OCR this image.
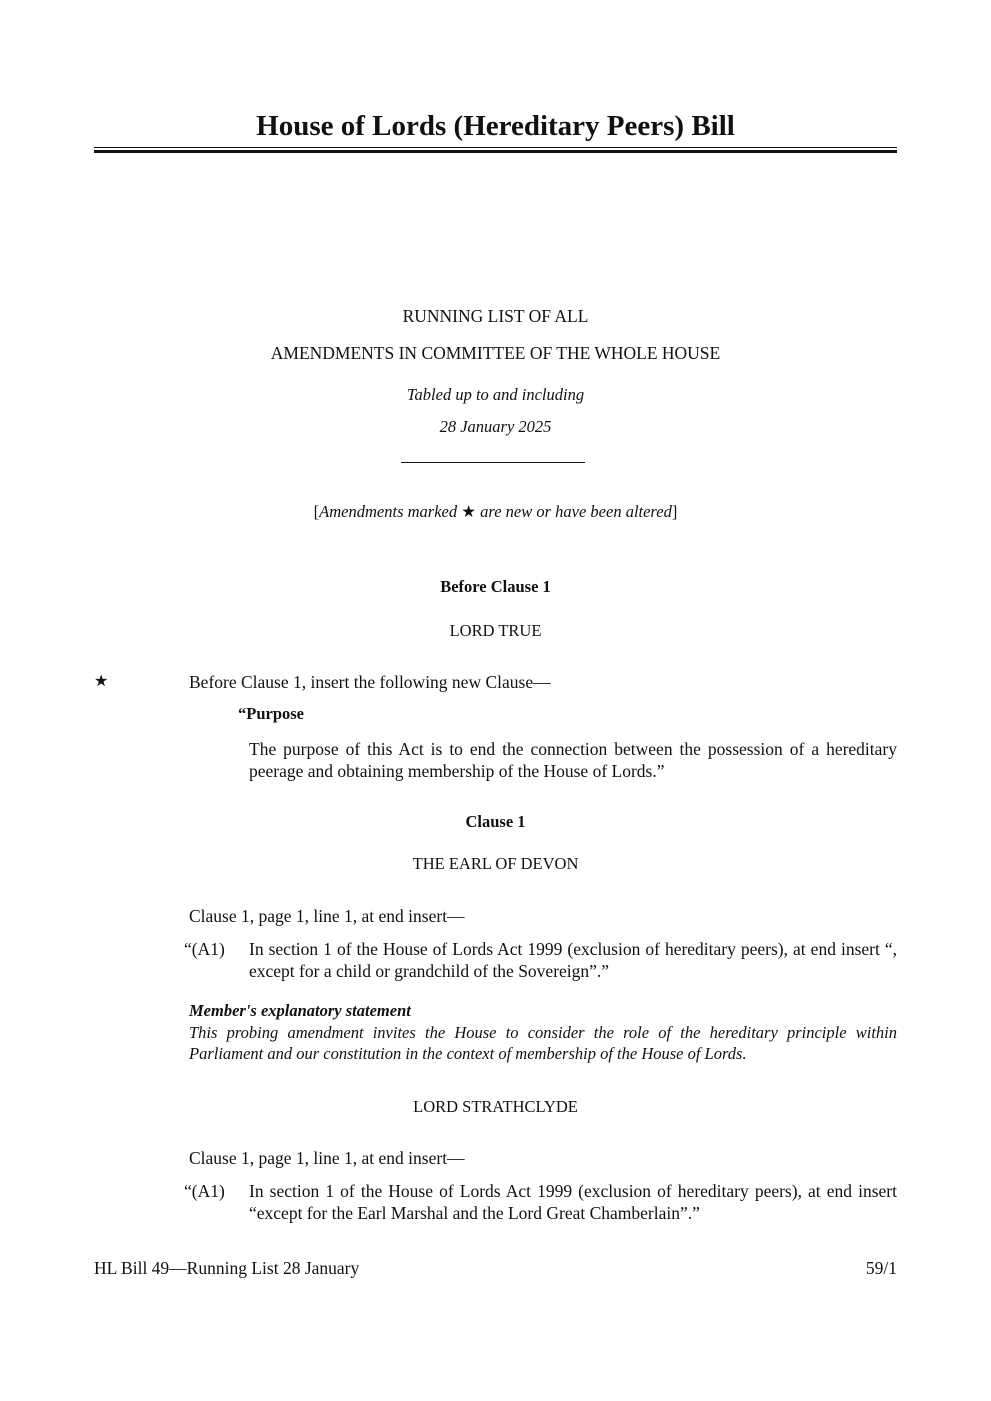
House of Lords (Hereditary Peers) Bill
RUNNING LIST OF ALL
AMENDMENTS IN COMMITTEE OF THE WHOLE HOUSE
Tabled up to and including
28 January 2025
[Amendments marked ★ are new or have been altered]
Before Clause 1
LORD TRUE
★	Before Clause 1, insert the following new Clause—
“Purpose
The purpose of this Act is to end the connection between the possession of a hereditary peerage and obtaining membership of the House of Lords.”
Clause 1
THE EARL OF DEVON
Clause 1, page 1, line 1, at end insert—
“(A1) In section 1 of the House of Lords Act 1999 (exclusion of hereditary peers), at end insert “, except for a child or grandchild of the Sovereign”.”
Member's explanatory statement
This probing amendment invites the House to consider the role of the hereditary principle within Parliament and our constitution in the context of membership of the House of Lords.
LORD STRATHCLYDE
Clause 1, page 1, line 1, at end insert—
“(A1) In section 1 of the House of Lords Act 1999 (exclusion of hereditary peers), at end insert “except for the Earl Marshal and the Lord Great Chamberlain”.”
HL Bill 49—Running List 28 January	59/1
